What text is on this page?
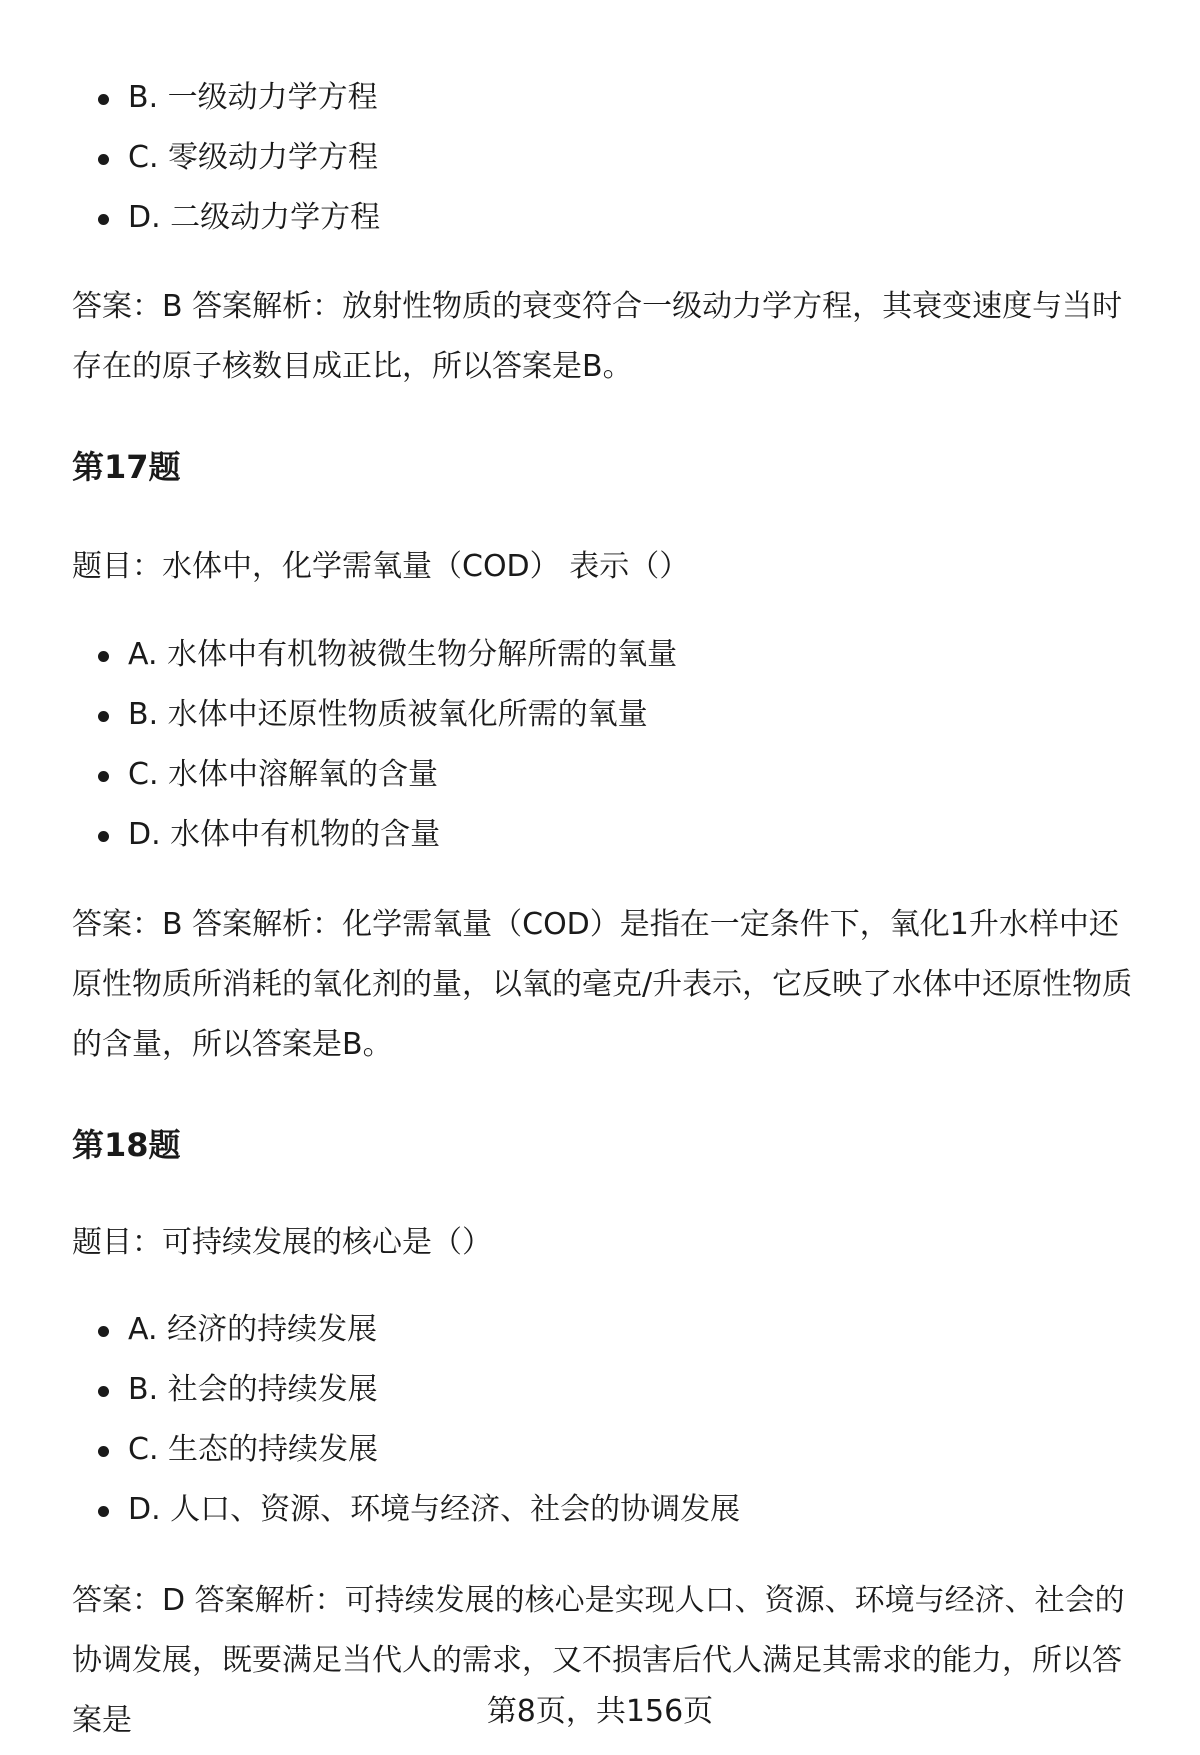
B. 一级动力学方程
C. 零级动力学方程
D. 二级动力学方程

答案：B 答案解析：放射性物质的衰变符合一级动力学方程，其衰变速度与当时存在的原子核数目成正比，所以答案是B。

第17题

题目：水体中，化学需氧量（COD） 表示（）

A. 水体中有机物被微生物分解所需的氧量
B. 水体中还原性物质被氧化所需的氧量
C. 水体中溶解氧的含量
D. 水体中有机物的含量

答案：B 答案解析：化学需氧量（COD）是指在一定条件下，氧化1升水样中还原性物质所消耗的氧化剂的量，以氧的毫克/升表示，它反映了水体中还原性物质的含量，所以答案是B。

第18题

题目：可持续发展的核心是（）

A. 经济的持续发展
B. 社会的持续发展
C. 生态的持续发展
D. 人口、资源、环境与经济、社会的协调发展

答案：D 答案解析：可持续发展的核心是实现人口、资源、环境与经济、社会的协调发展，既要满足当代人的需求，又不损害后代人满足其需求的能力，所以答案是	第8页，共156页
